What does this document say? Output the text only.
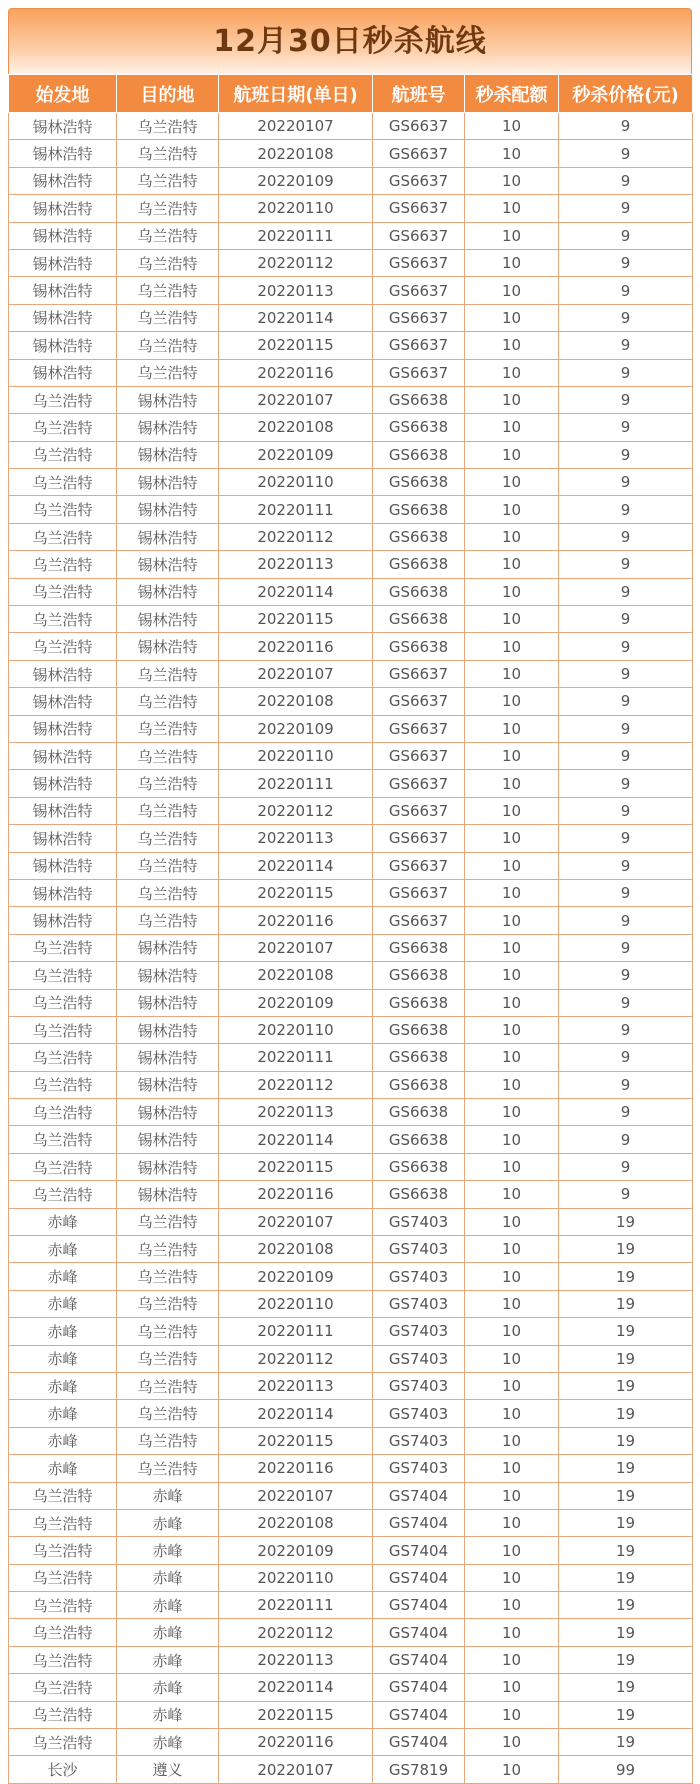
12月30日秒杀航线
始发地	目的地	航班日期(单日)	航班号	秒杀配额	秒杀价格(元)
锡林浩特	乌兰浩特	20220107	GS6637	10	9
锡林浩特	乌兰浩特	20220108	GS6637	10	9
锡林浩特	乌兰浩特	20220109	GS6637	10	9
锡林浩特	乌兰浩特	20220110	GS6637	10	9
锡林浩特	乌兰浩特	20220111	GS6637	10	9
锡林浩特	乌兰浩特	20220112	GS6637	10	9
锡林浩特	乌兰浩特	20220113	GS6637	10	9
锡林浩特	乌兰浩特	20220114	GS6637	10	9
锡林浩特	乌兰浩特	20220115	GS6637	10	9
锡林浩特	乌兰浩特	20220116	GS6637	10	9
乌兰浩特	锡林浩特	20220107	GS6638	10	9
乌兰浩特	锡林浩特	20220108	GS6638	10	9
乌兰浩特	锡林浩特	20220109	GS6638	10	9
乌兰浩特	锡林浩特	20220110	GS6638	10	9
乌兰浩特	锡林浩特	20220111	GS6638	10	9
乌兰浩特	锡林浩特	20220112	GS6638	10	9
乌兰浩特	锡林浩特	20220113	GS6638	10	9
乌兰浩特	锡林浩特	20220114	GS6638	10	9
乌兰浩特	锡林浩特	20220115	GS6638	10	9
乌兰浩特	锡林浩特	20220116	GS6638	10	9
锡林浩特	乌兰浩特	20220107	GS6637	10	9
锡林浩特	乌兰浩特	20220108	GS6637	10	9
锡林浩特	乌兰浩特	20220109	GS6637	10	9
锡林浩特	乌兰浩特	20220110	GS6637	10	9
锡林浩特	乌兰浩特	20220111	GS6637	10	9
锡林浩特	乌兰浩特	20220112	GS6637	10	9
锡林浩特	乌兰浩特	20220113	GS6637	10	9
锡林浩特	乌兰浩特	20220114	GS6637	10	9
锡林浩特	乌兰浩特	20220115	GS6637	10	9
锡林浩特	乌兰浩特	20220116	GS6637	10	9
乌兰浩特	锡林浩特	20220107	GS6638	10	9
乌兰浩特	锡林浩特	20220108	GS6638	10	9
乌兰浩特	锡林浩特	20220109	GS6638	10	9
乌兰浩特	锡林浩特	20220110	GS6638	10	9
乌兰浩特	锡林浩特	20220111	GS6638	10	9
乌兰浩特	锡林浩特	20220112	GS6638	10	9
乌兰浩特	锡林浩特	20220113	GS6638	10	9
乌兰浩特	锡林浩特	20220114	GS6638	10	9
乌兰浩特	锡林浩特	20220115	GS6638	10	9
乌兰浩特	锡林浩特	20220116	GS6638	10	9
赤峰	乌兰浩特	20220107	GS7403	10	19
赤峰	乌兰浩特	20220108	GS7403	10	19
赤峰	乌兰浩特	20220109	GS7403	10	19
赤峰	乌兰浩特	20220110	GS7403	10	19
赤峰	乌兰浩特	20220111	GS7403	10	19
赤峰	乌兰浩特	20220112	GS7403	10	19
赤峰	乌兰浩特	20220113	GS7403	10	19
赤峰	乌兰浩特	20220114	GS7403	10	19
赤峰	乌兰浩特	20220115	GS7403	10	19
赤峰	乌兰浩特	20220116	GS7403	10	19
乌兰浩特	赤峰	20220107	GS7404	10	19
乌兰浩特	赤峰	20220108	GS7404	10	19
乌兰浩特	赤峰	20220109	GS7404	10	19
乌兰浩特	赤峰	20220110	GS7404	10	19
乌兰浩特	赤峰	20220111	GS7404	10	19
乌兰浩特	赤峰	20220112	GS7404	10	19
乌兰浩特	赤峰	20220113	GS7404	10	19
乌兰浩特	赤峰	20220114	GS7404	10	19
乌兰浩特	赤峰	20220115	GS7404	10	19
乌兰浩特	赤峰	20220116	GS7404	10	19
长沙	遵义	20220107	GS7819	10	99
